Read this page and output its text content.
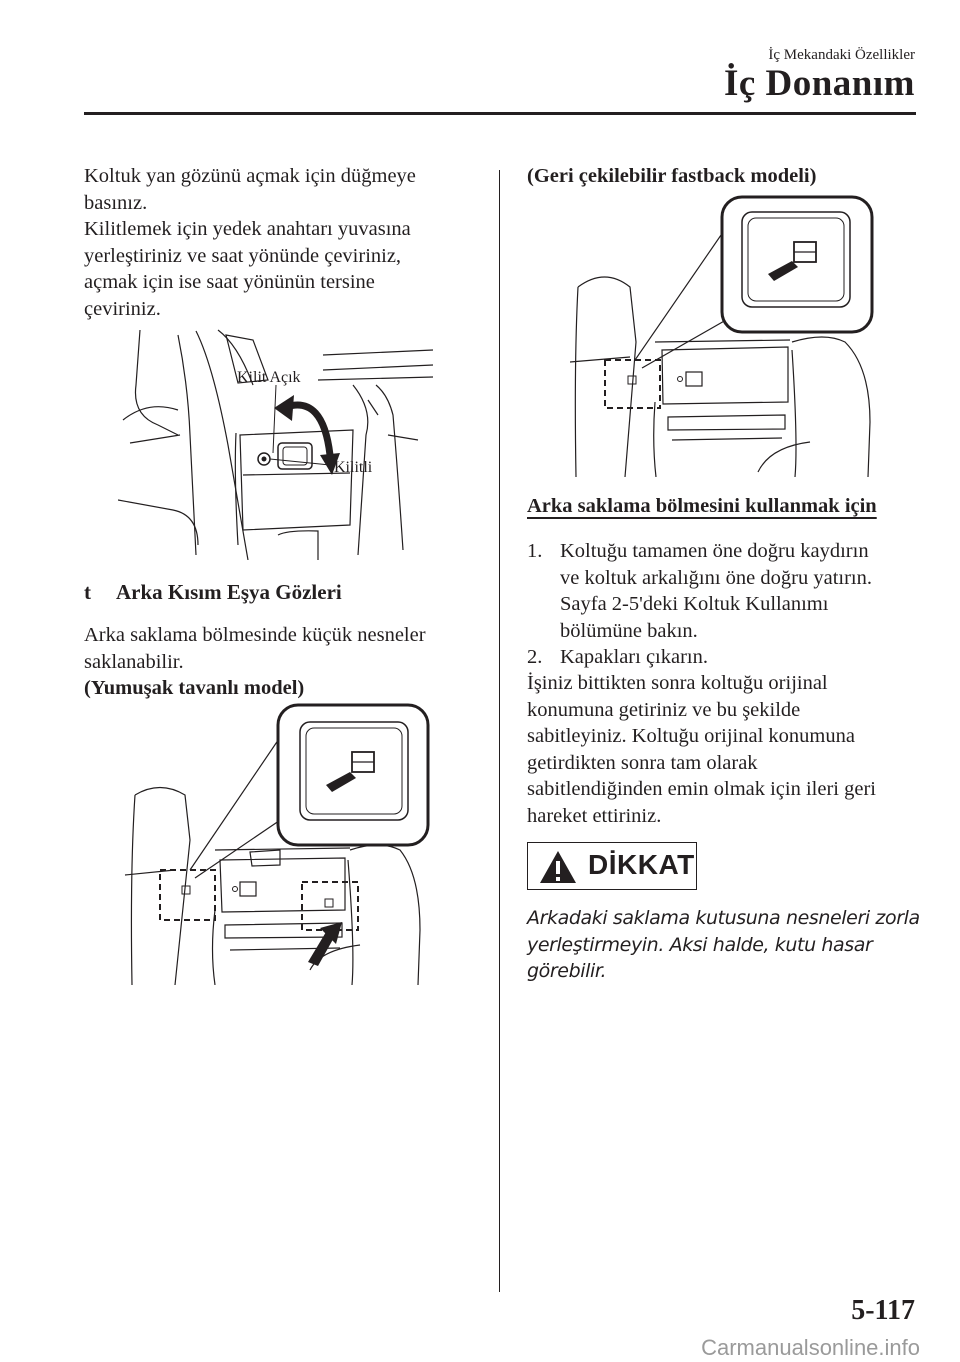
İç Mekandaki Özellikler
İç Donanım
Koltuk yan gözünü açmak için düğmeye
basınız.
Kilitlemek için yedek anahtarı yuvasına
yerleştiriniz ve saat yönünde çeviriniz,
açmak için ise saat yönünün tersine
çeviriniz.
Kilit Açık
Kilitli
t Arka Kısım Eşya Gözleri
Arka saklama bölmesinde küçük nesneler
saklanabilir.
(Yumuşak tavanlı model)
(Geri çekilebilir fastback modeli)
Arka saklama bölmesini kullanmak için
1. Koltuğu tamamen öne doğru kaydırın
ve koltuk arkalığını öne doğru yatırın.
Sayfa 2-5'deki Koltuk Kullanımı
bölümüne bakın.
2. Kapakları çıkarın.
İşiniz bittikten sonra koltuğu orijinal
konumuna getiriniz ve bu şekilde
sabitleyiniz. Koltuğu orijinal konumuna
getirdikten sonra tam olarak
sabitlendiğinden emin olmak için ileri geri
hareket ettiriniz.
DİKKAT
Arkadaki saklama kutusuna nesneleri zorla
yerleştirmeyin. Aksi halde, kutu hasar
görebilir.
5-117
Carmanualsonline.info
